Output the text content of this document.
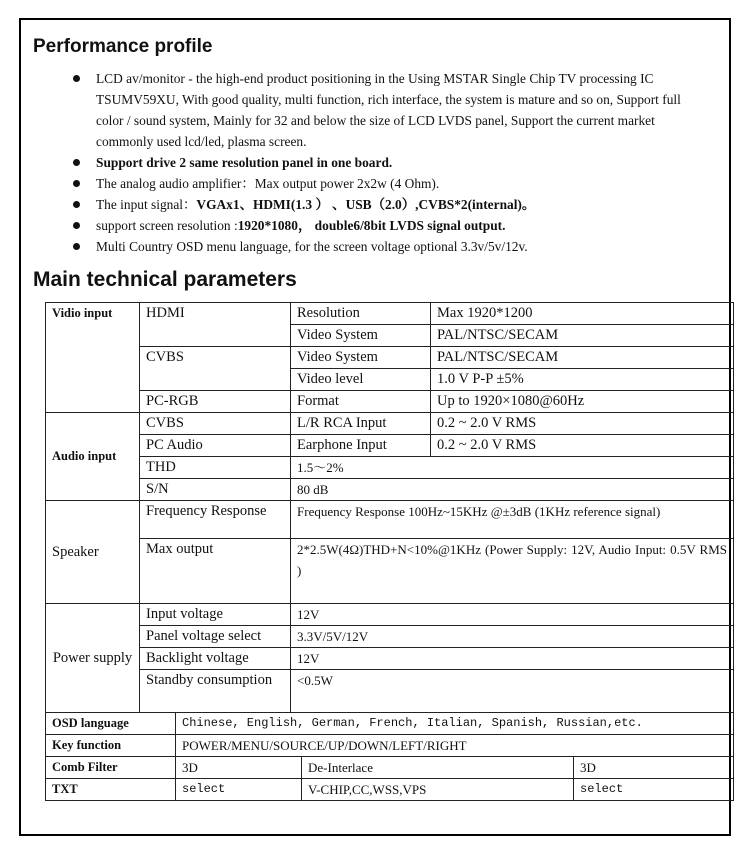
Performance profile
LCD av/monitor - the high-end product positioning in the Using MSTAR Single Chip TV processing IC TSUMV59XU, With good quality, multi function, rich interface, the system is mature and so on, Support full color / sound system, Mainly for 32 and below the size of LCD LVDS panel, Support the current market commonly used lcd/led, plasma screen.
Support drive 2 same resolution panel in one board.
The analog audio amplifier：Max output power 2x2w (4 Ohm).
The input signal：VGAx1、HDMI(1.3 ） 、USB（2.0）,CVBS*2(internal)。
support screen resolution :1920*1080， double6/8bit LVDS signal output.
Multi Country OSD menu language, for the screen voltage optional 3.3v/5v/12v.
Main technical parameters
Vidio input	HDMI		Resolution		Max 1920*1200	
			Video System		PAL/NTSC/SECAM	
	CVBS		Video System		PAL/NTSC/SECAM	
			Video level		1.0 V P-P ±5%	
	PC-RGB		Format		Up to 1920×1080@60Hz	
Audio input	CVBS		L/R RCA Input		0.2 ~ 2.0 V RMS	
	PC Audio		Earphone Input		0.2 ~ 2.0 V RMS	
	THD		1.5～2%			
	S/N		80 dB			
Speaker	Frequency Response		Frequency Response 100Hz~15KHz @±3dB (1KHz reference signal)			
	Max output		2*2.5W(4Ω)THD+N<10%@1KHz (Power Supply: 12V, Audio Input: 0.5V RMS )			
Power supply	Input voltage		12V			
	Panel voltage select		3.3V/5V/12V			
	Backlight voltage		12V			
	Standby consumption		<0.5W			
OSD language		Chinese, English, German, French, Italian, Spanish, Russian,etc.				
Key function		POWER/MENU/SOURCE/UP/DOWN/LEFT/RIGHT				
Comb Filter		3D		De-Interlace		3D
TXT		select		V-CHIP,CC,WSS,VPS		select
